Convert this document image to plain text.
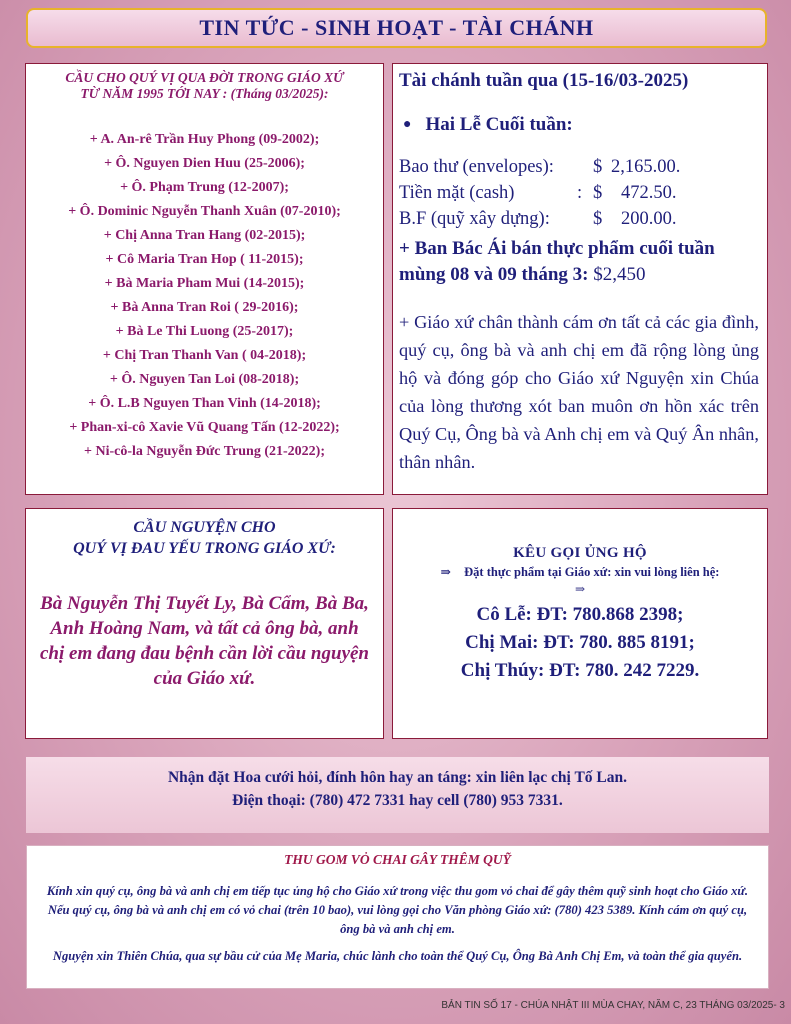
TIN TỨC - SINH HOẠT - TÀI CHÁNH
CẦU CHO QUÝ VỊ QUA ĐỜI TRONG GIÁO XỨ
TỪ NĂM 1995 TỚI NAY : (Tháng 03/2025):
+ A. An-rê Trần Huy Phong (09-2002);
+ Ô. Nguyen Dien Huu (25-2006);
+ Ô. Phạm Trung (12-2007);
+ Ô. Dominic Nguyễn Thanh Xuân (07-2010);
+ Chị Anna Tran Hang (02-2015);
+ Cô Maria Tran Hop ( 11-2015);
+ Bà Maria Pham Mui (14-2015);
+ Bà Anna Tran Roi ( 29-2016);
+ Bà Le Thi Luong (25-2017);
+ Chị Tran Thanh Van ( 04-2018);
+ Ô. Nguyen Tan Loi (08-2018);
+ Ô. L.B Nguyen Than Vinh (14-2018);
+ Phan-xi-cô Xavie Vũ Quang Tấn (12-2022);
+ Ni-cô-la Nguyễn Đức Trung (21-2022);
Tài chánh tuần qua (15-16/03-2025)
● Hai Lễ Cuối tuần:
Bao thư (envelopes):	$ 2,165.00.
Tiền mặt (cash)	: $	472.50.
B.F (quỹ xây dựng):	$	200.00.
+ Ban Bác Ái bán thực phẩm cuối tuần mùng 08 và 09 tháng 3: $2,450
+ Giáo xứ chân thành cám ơn tất cả các gia đình, quý cụ, ông bà và anh chị em đã rộng lòng ủng hộ và đóng góp cho Giáo xứ Nguyện xin Chúa của lòng thương xót ban muôn ơn hồn xác trên Quý Cụ, Ông bà và Anh chị em và Quý Ân nhân, thân nhân.
CẦU NGUYỆN CHO
QUÝ VỊ ĐAU YẾU TRONG GIÁO XỨ:
Bà Nguyễn Thị Tuyết Ly, Bà Cẩm, Bà Ba, Anh Hoàng Nam, và tất cả ông bà, anh chị em đang đau bệnh cần lời cầu nguyện của Giáo xứ.
KÊU GỌI ỦNG HỘ
⇒ Đặt thực phẩm tại Giáo xứ: xin vui lòng liên hệ:
⇒
Cô Lễ: ĐT: 780.868 2398;
Chị Mai: ĐT: 780. 885 8191;
Chị Thúy: ĐT: 780. 242 7229.
Nhận đặt Hoa cưới hỏi, đính hôn hay an táng: xin liên lạc chị Tố Lan.
Điện thoại: (780) 472 7331 hay cell (780) 953 7331.
THU GOM VỎ CHAI GÂY THÊM QUỸ
Kính xin quý cụ, ông bà và anh chị em tiếp tục ủng hộ cho Giáo xứ trong việc thu gom vỏ chai để gây thêm quỹ sinh hoạt cho Giáo xứ. Nếu quý cụ, ông bà và anh chị em có vỏ chai (trên 10 bao), vui lòng gọi cho Văn phòng Giáo xứ: (780) 423 5389. Kính cám ơn quý cụ, ông bà và anh chị em.
Nguyện xin Thiên Chúa, qua sự bầu cử của Mẹ Maria, chúc lành cho toàn thể Quý Cụ, Ông Bà Anh Chị Em, và toàn thể gia quyến.
BẢN TIN SỐ 17 - CHÚA NHẬT III MÙA CHAY, NĂM C, 23 THÁNG 03/2025- 3
